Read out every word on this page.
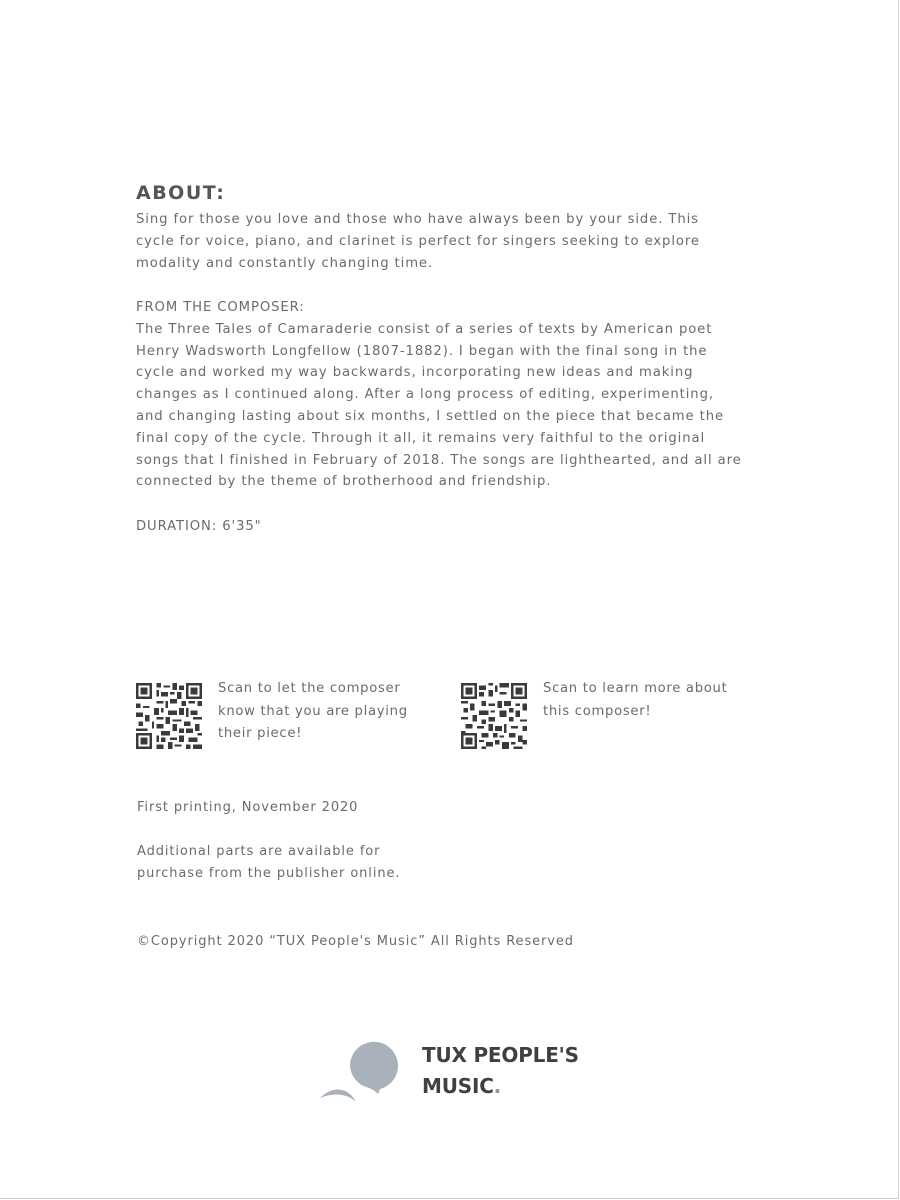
ABOUT:
Sing for those you love and those who have always been by your side. This
cycle for voice, piano, and clarinet is perfect for singers seeking to explore
modality and constantly changing time.
FROM THE COMPOSER:
The Three Tales of Camaraderie consist of a series of texts by American poet
Henry Wadsworth Longfellow (1807-1882). I began with the final song in the
cycle and worked my way backwards, incorporating new ideas and making
changes as I continued along. After a long process of editing, experimenting,
and changing lasting about six months, I settled on the piece that became the
final copy of the cycle. Through it all, it remains very faithful to the original
songs that I finished in February of 2018. The songs are lighthearted, and all are
connected by the theme of brotherhood and friendship.
DURATION: 6'35"
Scan to let the composer
know that you are playing
their piece!
Scan to learn more about
this composer!
First printing, November 2020
Additional parts are available for
purchase from the publisher online.
©Copyright 2020 “TUX People's Music” All Rights Reserved
TUX PEOPLE'S
MUSIC.
